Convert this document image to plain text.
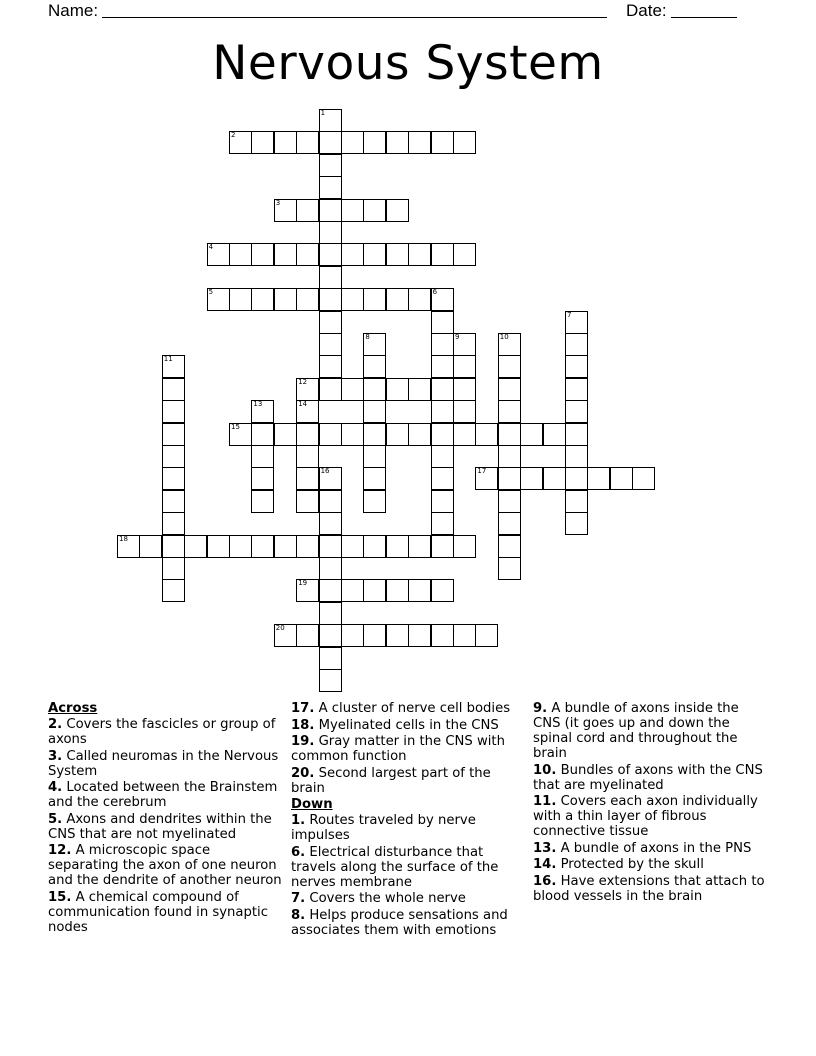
Name:	Date:
Nervous System
1
2
3
4
5	6
7
8	9	10
11
12
13	14
15
16	17
18
19
20
Across
2. Covers the fascicles or group of axons
3. Called neuromas in the Nervous System
4. Located between the Brainstem and the cerebrum
5. Axons and dendrites within the CNS that are not myelinated
12. A microscopic space separating the axon of one neuron and the dendrite of another neuron
15. A chemical compound of communication found in synaptic nodes
17. A cluster of nerve cell bodies
18. Myelinated cells in the CNS
19. Gray matter in the CNS with common function
20. Second largest part of the brain
Down
1. Routes traveled by nerve impulses
6. Electrical disturbance that travels along the surface of the nerves membrane
7. Covers the whole nerve
8. Helps produce sensations and associates them with emotions
9. A bundle of axons inside the CNS (it goes up and down the spinal cord and throughout the brain
10. Bundles of axons with the CNS that are myelinated
11. Covers each axon individually with a thin layer of fibrous connective tissue
13. A bundle of axons in the PNS
14. Protected by the skull
16. Have extensions that attach to blood vessels in the brain
